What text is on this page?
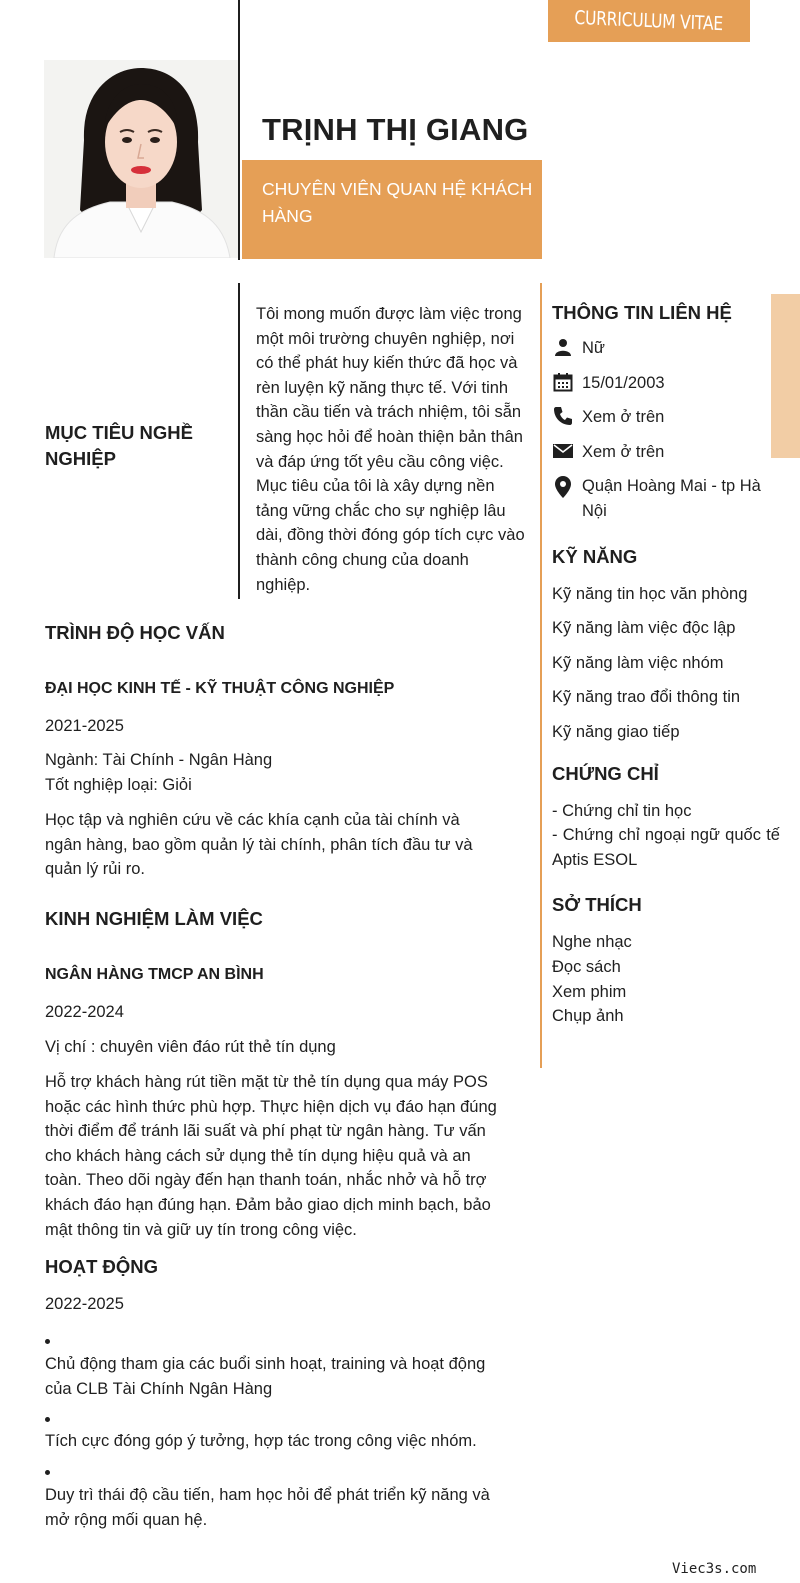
CURRICULUM VITAE
TRỊNH THỊ GIANG
CHUYÊN VIÊN QUAN HỆ KHÁCH HÀNG
MỤC TIÊU NGHỀ NGHIỆP
Tôi mong muốn được làm việc trong một môi trường chuyên nghiệp, nơi có thể phát huy kiến thức đã học và rèn luyện kỹ năng thực tế. Với tinh thần cầu tiến và trách nhiệm, tôi sẵn sàng học hỏi để hoàn thiện bản thân và đáp ứng tốt yêu cầu công việc. Mục tiêu của tôi là xây dựng nền tảng vững chắc cho sự nghiệp lâu dài, đồng thời đóng góp tích cực vào thành công chung của doanh nghiệp.
THÔNG TIN LIÊN HỆ
Nữ
15/01/2003
Xem ở trên
Xem ở trên
Quận Hoàng Mai - tp Hà Nội
KỸ NĂNG
Kỹ năng tin học văn phòng
Kỹ năng làm việc độc lập
Kỹ năng làm việc nhóm
Kỹ năng trao đổi thông tin
Kỹ năng giao tiếp
CHỨNG CHỈ
- Chứng chỉ tin học
- Chứng chỉ ngoại ngữ quốc tế Aptis ESOL
SỞ THÍCH
Nghe nhạc
Đọc sách
Xem phim
Chụp ảnh
TRÌNH ĐỘ HỌC VẤN
ĐẠI HỌC KINH TẾ - KỸ THUẬT CÔNG NGHIỆP
2021-2025
Ngành: Tài Chính - Ngân Hàng
Tốt nghiệp loại: Giỏi
Học tập và nghiên cứu về các khía cạnh của tài chính và ngân hàng, bao gồm quản lý tài chính, phân tích đầu tư và quản lý rủi ro.
KINH NGHIỆM LÀM VIỆC
NGÂN HÀNG TMCP AN BÌNH
2022-2024
Vị chí : chuyên viên đáo rút thẻ tín dụng
Hỗ trợ khách hàng rút tiền mặt từ thẻ tín dụng qua máy POS hoặc các hình thức phù hợp. Thực hiện dịch vụ đáo hạn đúng thời điểm để tránh lãi suất và phí phạt từ ngân hàng. Tư vấn cho khách hàng cách sử dụng thẻ tín dụng hiệu quả và an toàn. Theo dõi ngày đến hạn thanh toán, nhắc nhở và hỗ trợ khách đáo hạn đúng hạn. Đảm bảo giao dịch minh bạch, bảo mật thông tin và giữ uy tín trong công việc.
HOẠT ĐỘNG
2022-2025
Chủ động tham gia các buổi sinh hoạt, training và hoạt động của CLB Tài Chính Ngân Hàng
Tích cực đóng góp ý tưởng, hợp tác trong công việc nhóm.
Duy trì thái độ cầu tiến, ham học hỏi để phát triển kỹ năng và mở rộng mối quan hệ.
Viec3s.com
